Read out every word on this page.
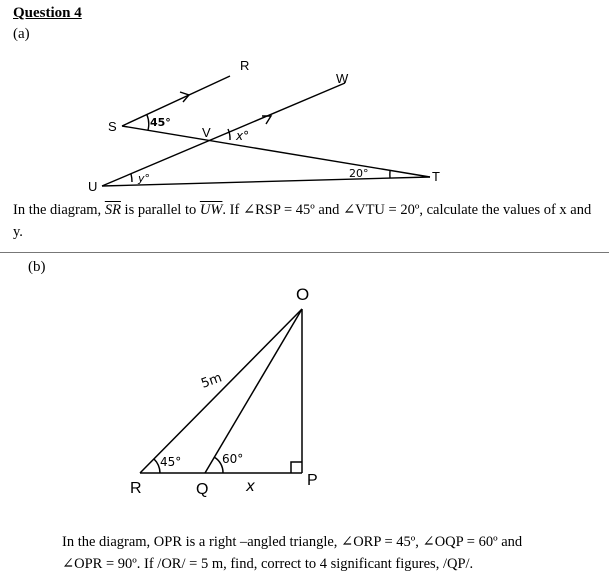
Question 4
(a)
S
R
W
V
U
T
45°
x°
y°	20°
In the diagram, $\overline{SR}$ is parallel to $\overline{UW}$. If ∠RSP = 45º and ∠VTU = 20º, calculate the values of x and y.
(b)
O
R	Q
P
5m
45°	60°
x
In the diagram, OPR is a right –angled triangle, ∠ORP = 45º, ∠OQP = 60º and
∠OPR = 90º. If /OR/ = 5 m, find, correct to 4 significant figures, /QP/.
